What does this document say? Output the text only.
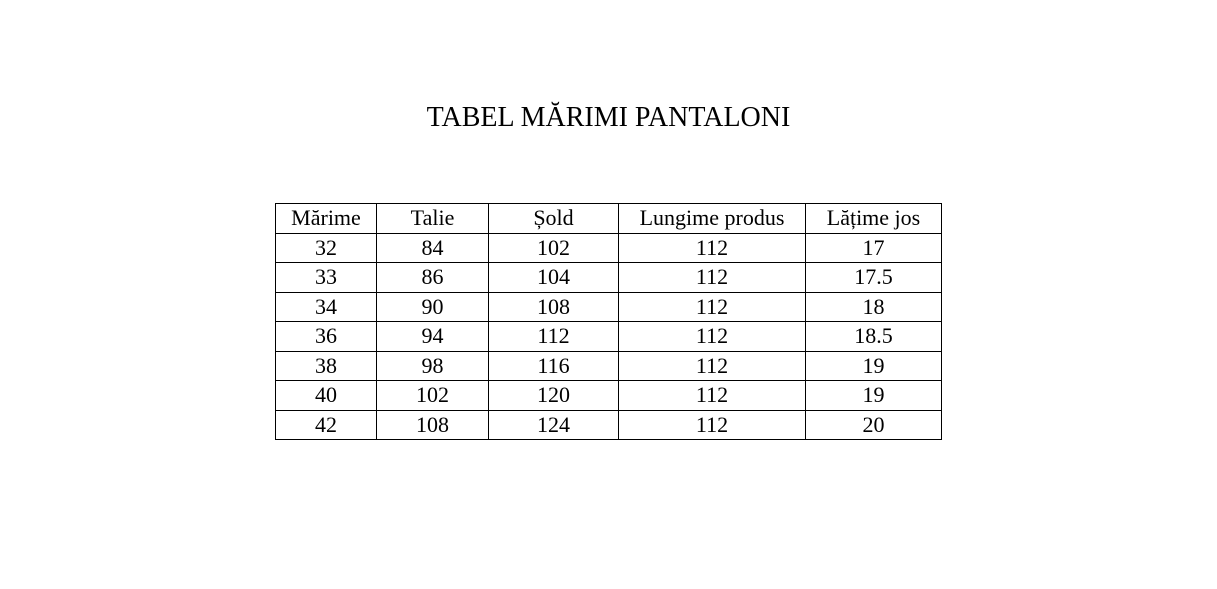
TABEL MĂRIMI PANTALONI
Mărime	Talie	Șold	Lungime produs	Lățime jos
32	84	102	112	17
33	86	104	112	17.5
34	90	108	112	18
36	94	112	112	18.5
38	98	116	112	19
40	102	120	112	19
42	108	124	112	20
